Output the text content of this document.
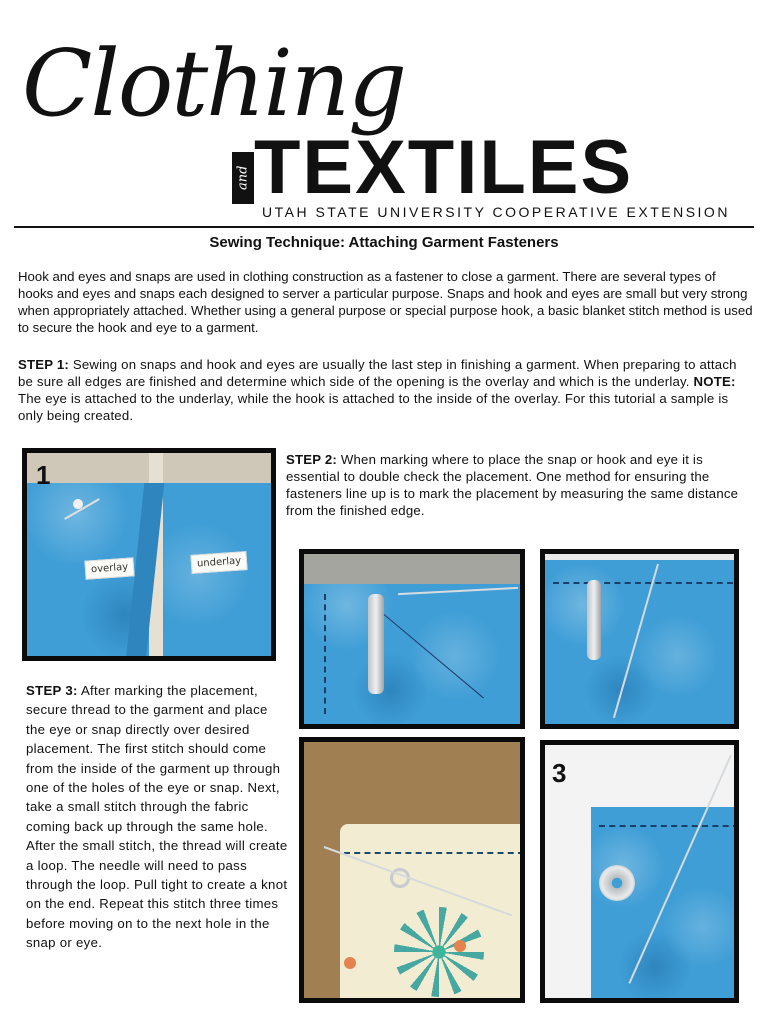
Clothing
and TEXTILES
UTAH STATE UNIVERSITY COOPERATIVE EXTENSION
Sewing Technique: Attaching Garment Fasteners
Hook and eyes and snaps are used in clothing construction as a fastener to close a garment. There are several types of hooks and eyes and snaps each designed to server a particular purpose. Snaps and hook and eyes are small but very strong when appropriately attached. Whether using a general purpose or special purpose hook, a basic blanket stitch method is used to secure the hook and eye to a garment.
STEP 1: Sewing on snaps and hook and eyes are usually the last step in finishing a garment. When preparing to attach be sure all edges are finished and determine which side of the opening is the overlay and which is the underlay. NOTE: The eye is attached to the underlay, while the hook is attached to the inside of the overlay. For this tutorial a sample is only being created.
overlay	underlay
1
STEP 2: When marking where to place the snap or hook and eye it is essential to double check the placement. One method for ensuring the fasteners line up is to mark the placement by measuring the same distance from the finished edge.
STEP 3: After marking the placement, secure thread to the garment and place the eye or snap directly over desired placement. The first stitch should come from the inside of the garment up through one of the holes of the eye or snap. Next, take a small stitch through the fabric coming back up through the same hole. After the small stitch, the thread will create a loop. The needle will need to pass through the loop. Pull tight to create a knot on the end. Repeat this stitch three times before moving on to the next hole in the snap or eye.
3
